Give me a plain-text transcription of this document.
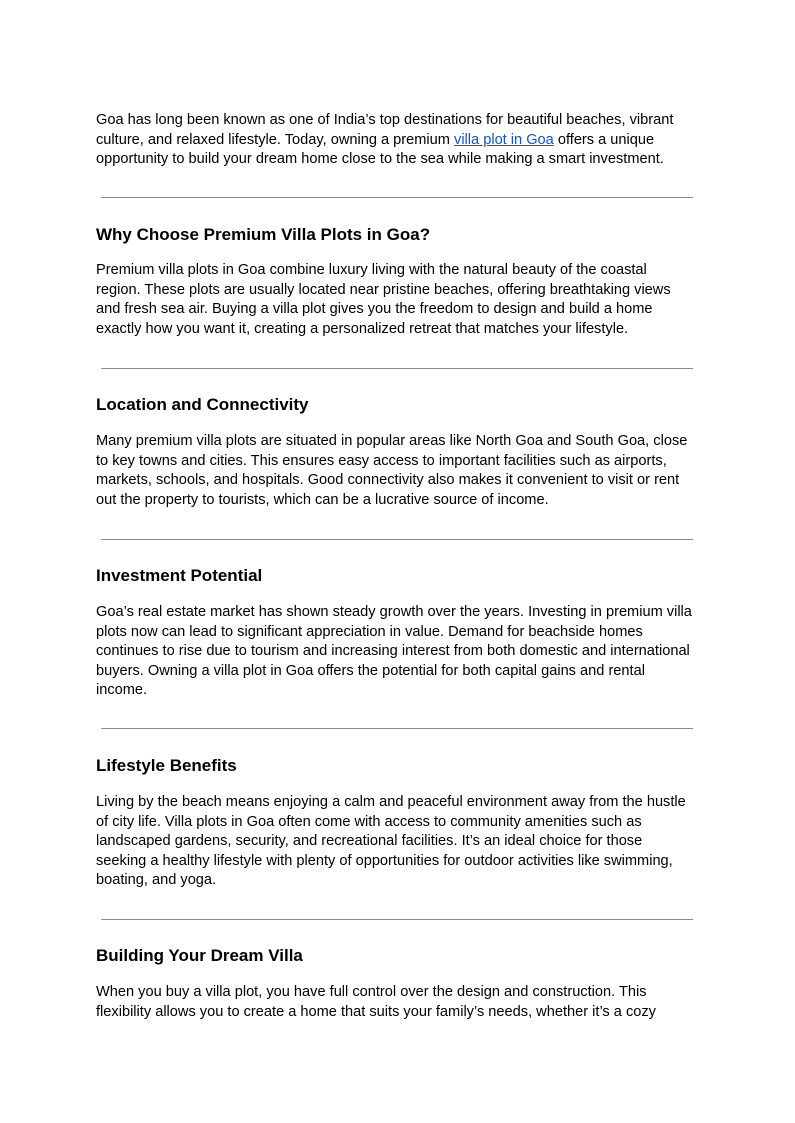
Goa has long been known as one of India’s top destinations for beautiful beaches, vibrant
culture, and relaxed lifestyle. Today, owning a premium villa plot in Goa offers a unique
opportunity to build your dream home close to the sea while making a smart investment.
Why Choose Premium Villa Plots in Goa?
Premium villa plots in Goa combine luxury living with the natural beauty of the coastal
region. These plots are usually located near pristine beaches, offering breathtaking views
and fresh sea air. Buying a villa plot gives you the freedom to design and build a home
exactly how you want it, creating a personalized retreat that matches your lifestyle.
Location and Connectivity
Many premium villa plots are situated in popular areas like North Goa and South Goa, close
to key towns and cities. This ensures easy access to important facilities such as airports,
markets, schools, and hospitals. Good connectivity also makes it convenient to visit or rent
out the property to tourists, which can be a lucrative source of income.
Investment Potential
Goa’s real estate market has shown steady growth over the years. Investing in premium villa
plots now can lead to significant appreciation in value. Demand for beachside homes
continues to rise due to tourism and increasing interest from both domestic and international
buyers. Owning a villa plot in Goa offers the potential for both capital gains and rental
income.
Lifestyle Benefits
Living by the beach means enjoying a calm and peaceful environment away from the hustle
of city life. Villa plots in Goa often come with access to community amenities such as
landscaped gardens, security, and recreational facilities. It’s an ideal choice for those
seeking a healthy lifestyle with plenty of opportunities for outdoor activities like swimming,
boating, and yoga.
Building Your Dream Villa
When you buy a villa plot, you have full control over the design and construction. This
flexibility allows you to create a home that suits your family’s needs, whether it’s a cozy
